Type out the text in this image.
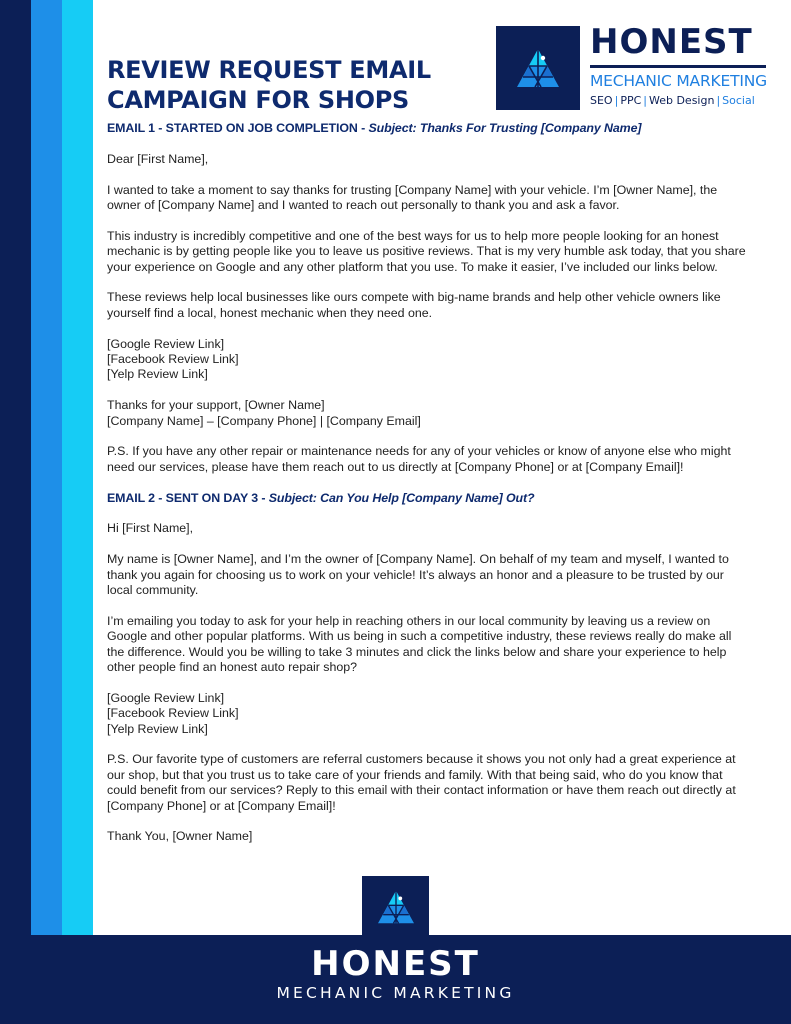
REVIEW REQUEST EMAIL
CAMPAIGN FOR SHOPS
HONEST
MECHANIC MARKETING
SEO | PPC | Web Design | Social

EMAIL 1 - STARTED ON JOB COMPLETION - Subject: Thanks For Trusting [Company Name]

Dear [First Name],

I wanted to take a moment to say thanks for trusting [Company Name] with your vehicle. I’m [Owner Name], the owner of [Company Name] and I wanted to reach out personally to thank you and ask a favor.

This industry is incredibly competitive and one of the best ways for us to help more people looking for an honest mechanic is by getting people like you to leave us positive reviews. That is my very humble ask today, that you share your experience on Google and any other platform that you use. To make it easier, I’ve included our links below.

These reviews help local businesses like ours compete with big-name brands and help other vehicle owners like yourself find a local, honest mechanic when they need one.

[Google Review Link]
[Facebook Review Link]
[Yelp Review Link]

Thanks for your support, [Owner Name]
[Company Name] – [Company Phone] | [Company Email]

P.S. If you have any other repair or maintenance needs for any of your vehicles or know of anyone else who might need our services, please have them reach out to us directly at [Company Phone] or at [Company Email]!

EMAIL 2 - SENT ON DAY 3 - Subject: Can You Help [Company Name] Out?

Hi [First Name],

My name is [Owner Name], and I’m the owner of [Company Name]. On behalf of my team and myself, I wanted to thank you again for choosing us to work on your vehicle! It’s always an honor and a pleasure to be trusted by our local community.

I’m emailing you today to ask for your help in reaching others in our local community by leaving us a review on Google and other popular platforms. With us being in such a competitive industry, these reviews really do make all the difference. Would you be willing to take 3 minutes and click the links below and share your experience to help other people find an honest auto repair shop?

[Google Review Link]
[Facebook Review Link]
[Yelp Review Link]

P.S. Our favorite type of customers are referral customers because it shows you not only had a great experience at our shop, but that you trust us to take care of your friends and family. With that being said, who do you know that could benefit from our services? Reply to this email with their contact information or have them reach out directly at [Company Phone] or at [Company Email]!

Thank You, [Owner Name]

HONEST
MECHANIC MARKETING
